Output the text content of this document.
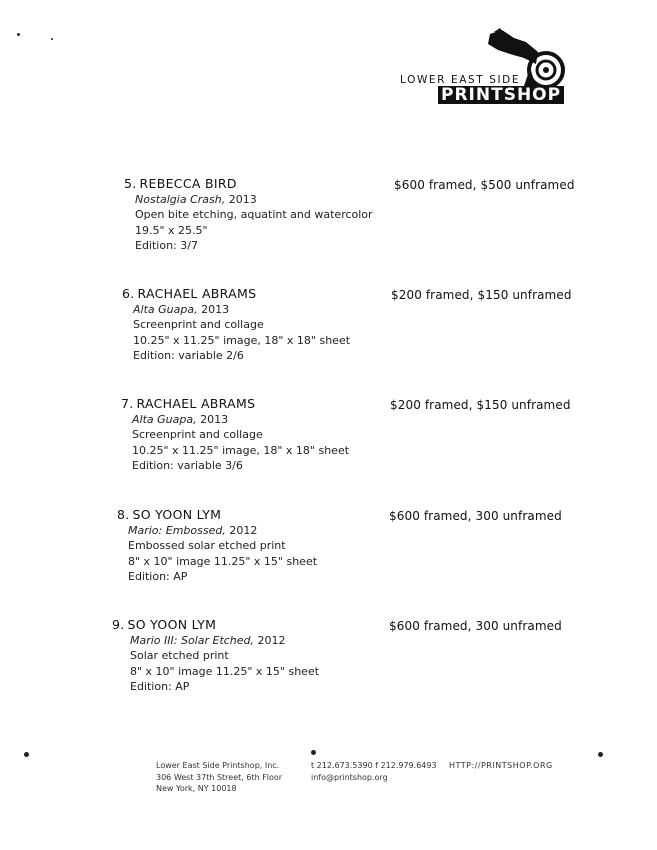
LOWER EAST SIDE
PRINTSHOP
5. REBECCA BIRD
Nostalgia Crash, 2013
Open bite etching, aquatint and watercolor
19.5" x 25.5"
Edition: 3/7
$600 framed, $500 unframed
6. RACHAEL ABRAMS
Alta Guapa, 2013
Screenprint and collage
10.25" x 11.25" image, 18" x 18" sheet
Edition: variable 2/6
$200 framed, $150 unframed
7. RACHAEL ABRAMS
Alta Guapa, 2013
Screenprint and collage
10.25" x 11.25" image, 18" x 18" sheet
Edition: variable 3/6
$200 framed, $150 unframed
8. SO YOON LYM
Mario: Embossed, 2012
Embossed solar etched print
8" x 10" image 11.25" x 15" sheet
Edition: AP
$600 framed, 300 unframed
9. SO YOON LYM
Mario III: Solar Etched, 2012
Solar etched print
8" x 10" image 11.25" x 15" sheet
Edition: AP
$600 framed, 300 unframed
Lower East Side Printshop, Inc.
306 West 37th Street, 6th Floor
New York, NY 10018
t 212.673.5390 f 212.979.6493
info@printshop.org
HTTP://PRINTSHOP.ORG
